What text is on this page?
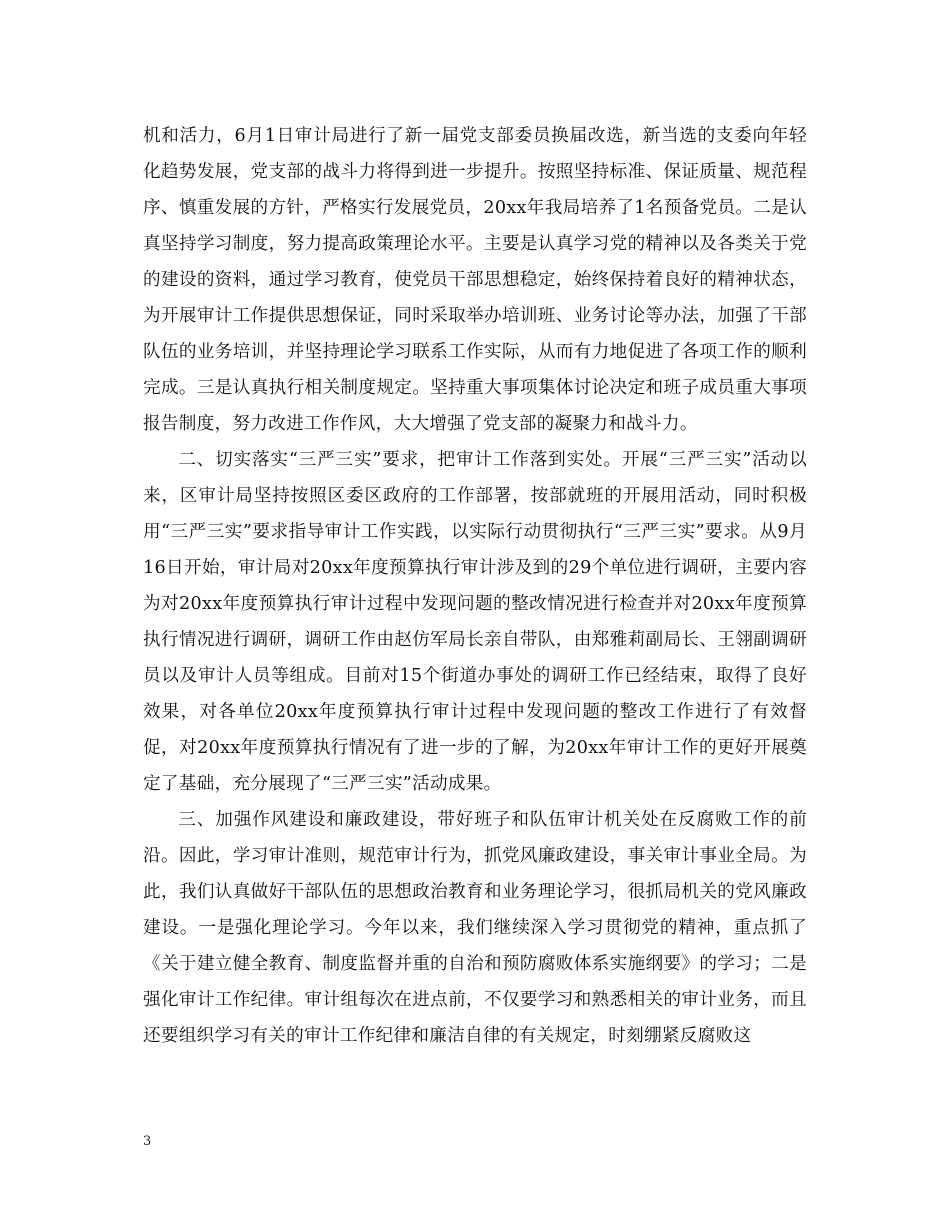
机和活力，6月1日审计局进行了新一届党支部委员换届改选，新当选的支委向年轻化趋势发展，党支部的战斗力将得到进一步提升。按照坚持标准、保证质量、规范程序、慎重发展的方针，严格实行发展党员，20xx年我局培养了1名预备党员。二是认真坚持学习制度，努力提高政策理论水平。主要是认真学习党的精神以及各类关于党的建设的资料，通过学习教育，使党员干部思想稳定，始终保持着良好的精神状态，为开展审计工作提供思想保证，同时采取举办培训班、业务讨论等办法，加强了干部队伍的业务培训，并坚持理论学习联系工作实际，从而有力地促进了各项工作的顺利完成。三是认真执行相关制度规定。坚持重大事项集体讨论决定和班子成员重大事项报告制度，努力改进工作作风，大大增强了党支部的凝聚力和战斗力。

二、切实落实“三严三实”要求，把审计工作落到实处。开展“三严三实”活动以来，区审计局坚持按照区委区政府的工作部署，按部就班的开展用活动，同时积极用“三严三实”要求指导审计工作实践，以实际行动贯彻执行“三严三实”要求。从9月16日开始，审计局对20xx年度预算执行审计涉及到的29个单位进行调研，主要内容为对20xx年度预算执行审计过程中发现问题的整改情况进行检查并对20xx年度预算执行情况进行调研，调研工作由赵仿军局长亲自带队，由郑雅莉副局长、王翎副调研员以及审计人员等组成。目前对15个街道办事处的调研工作已经结束，取得了良好效果，对各单位20xx年度预算执行审计过程中发现问题的整改工作进行了有效督促，对20xx年度预算执行情况有了进一步的了解，为20xx年审计工作的更好开展奠定了基础，充分展现了“三严三实”活动成果。

三、加强作风建设和廉政建设，带好班子和队伍审计机关处在反腐败工作的前沿。因此，学习审计准则，规范审计行为，抓党风廉政建设，事关审计事业全局。为此，我们认真做好干部队伍的思想政治教育和业务理论学习，很抓局机关的党风廉政建设。一是强化理论学习。今年以来，我们继续深入学习贯彻党的精神，重点抓了《关于建立健全教育、制度监督并重的自治和预防腐败体系实施纲要》的学习；二是强化审计工作纪律。审计组每次在进点前，不仅要学习和熟悉相关的审计业务，而且还要组织学习有关的审计工作纪律和廉洁自律的有关规定，时刻绷紧反腐败这

3
